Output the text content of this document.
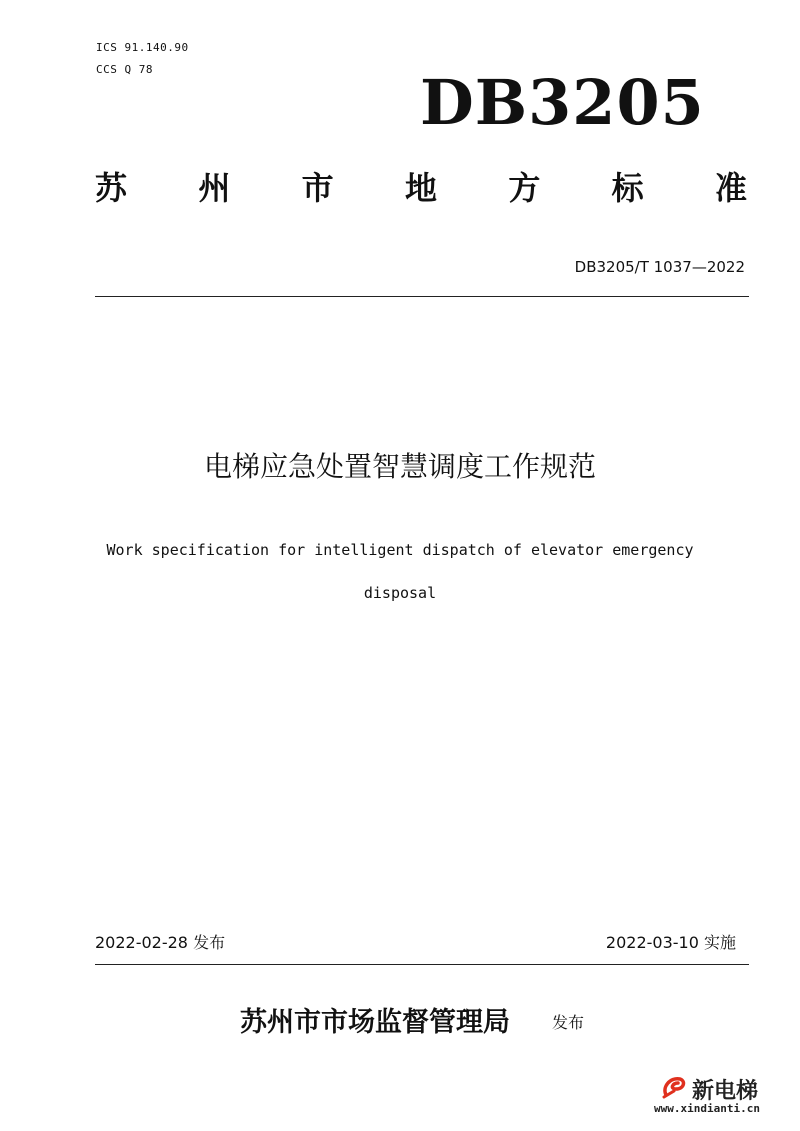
ICS 91.140.90
CCS Q 78	DB3205
苏 州 市 地 方 标 准
DB3205/T 1037—2022
电梯应急处置智慧调度工作规范
Work specification for intelligent dispatch of elevator emergency
disposal
2022-02-28 发布	2022-03-10 实施
苏州市市场监督管理局	发布
新电梯
www.xindianti.cn
